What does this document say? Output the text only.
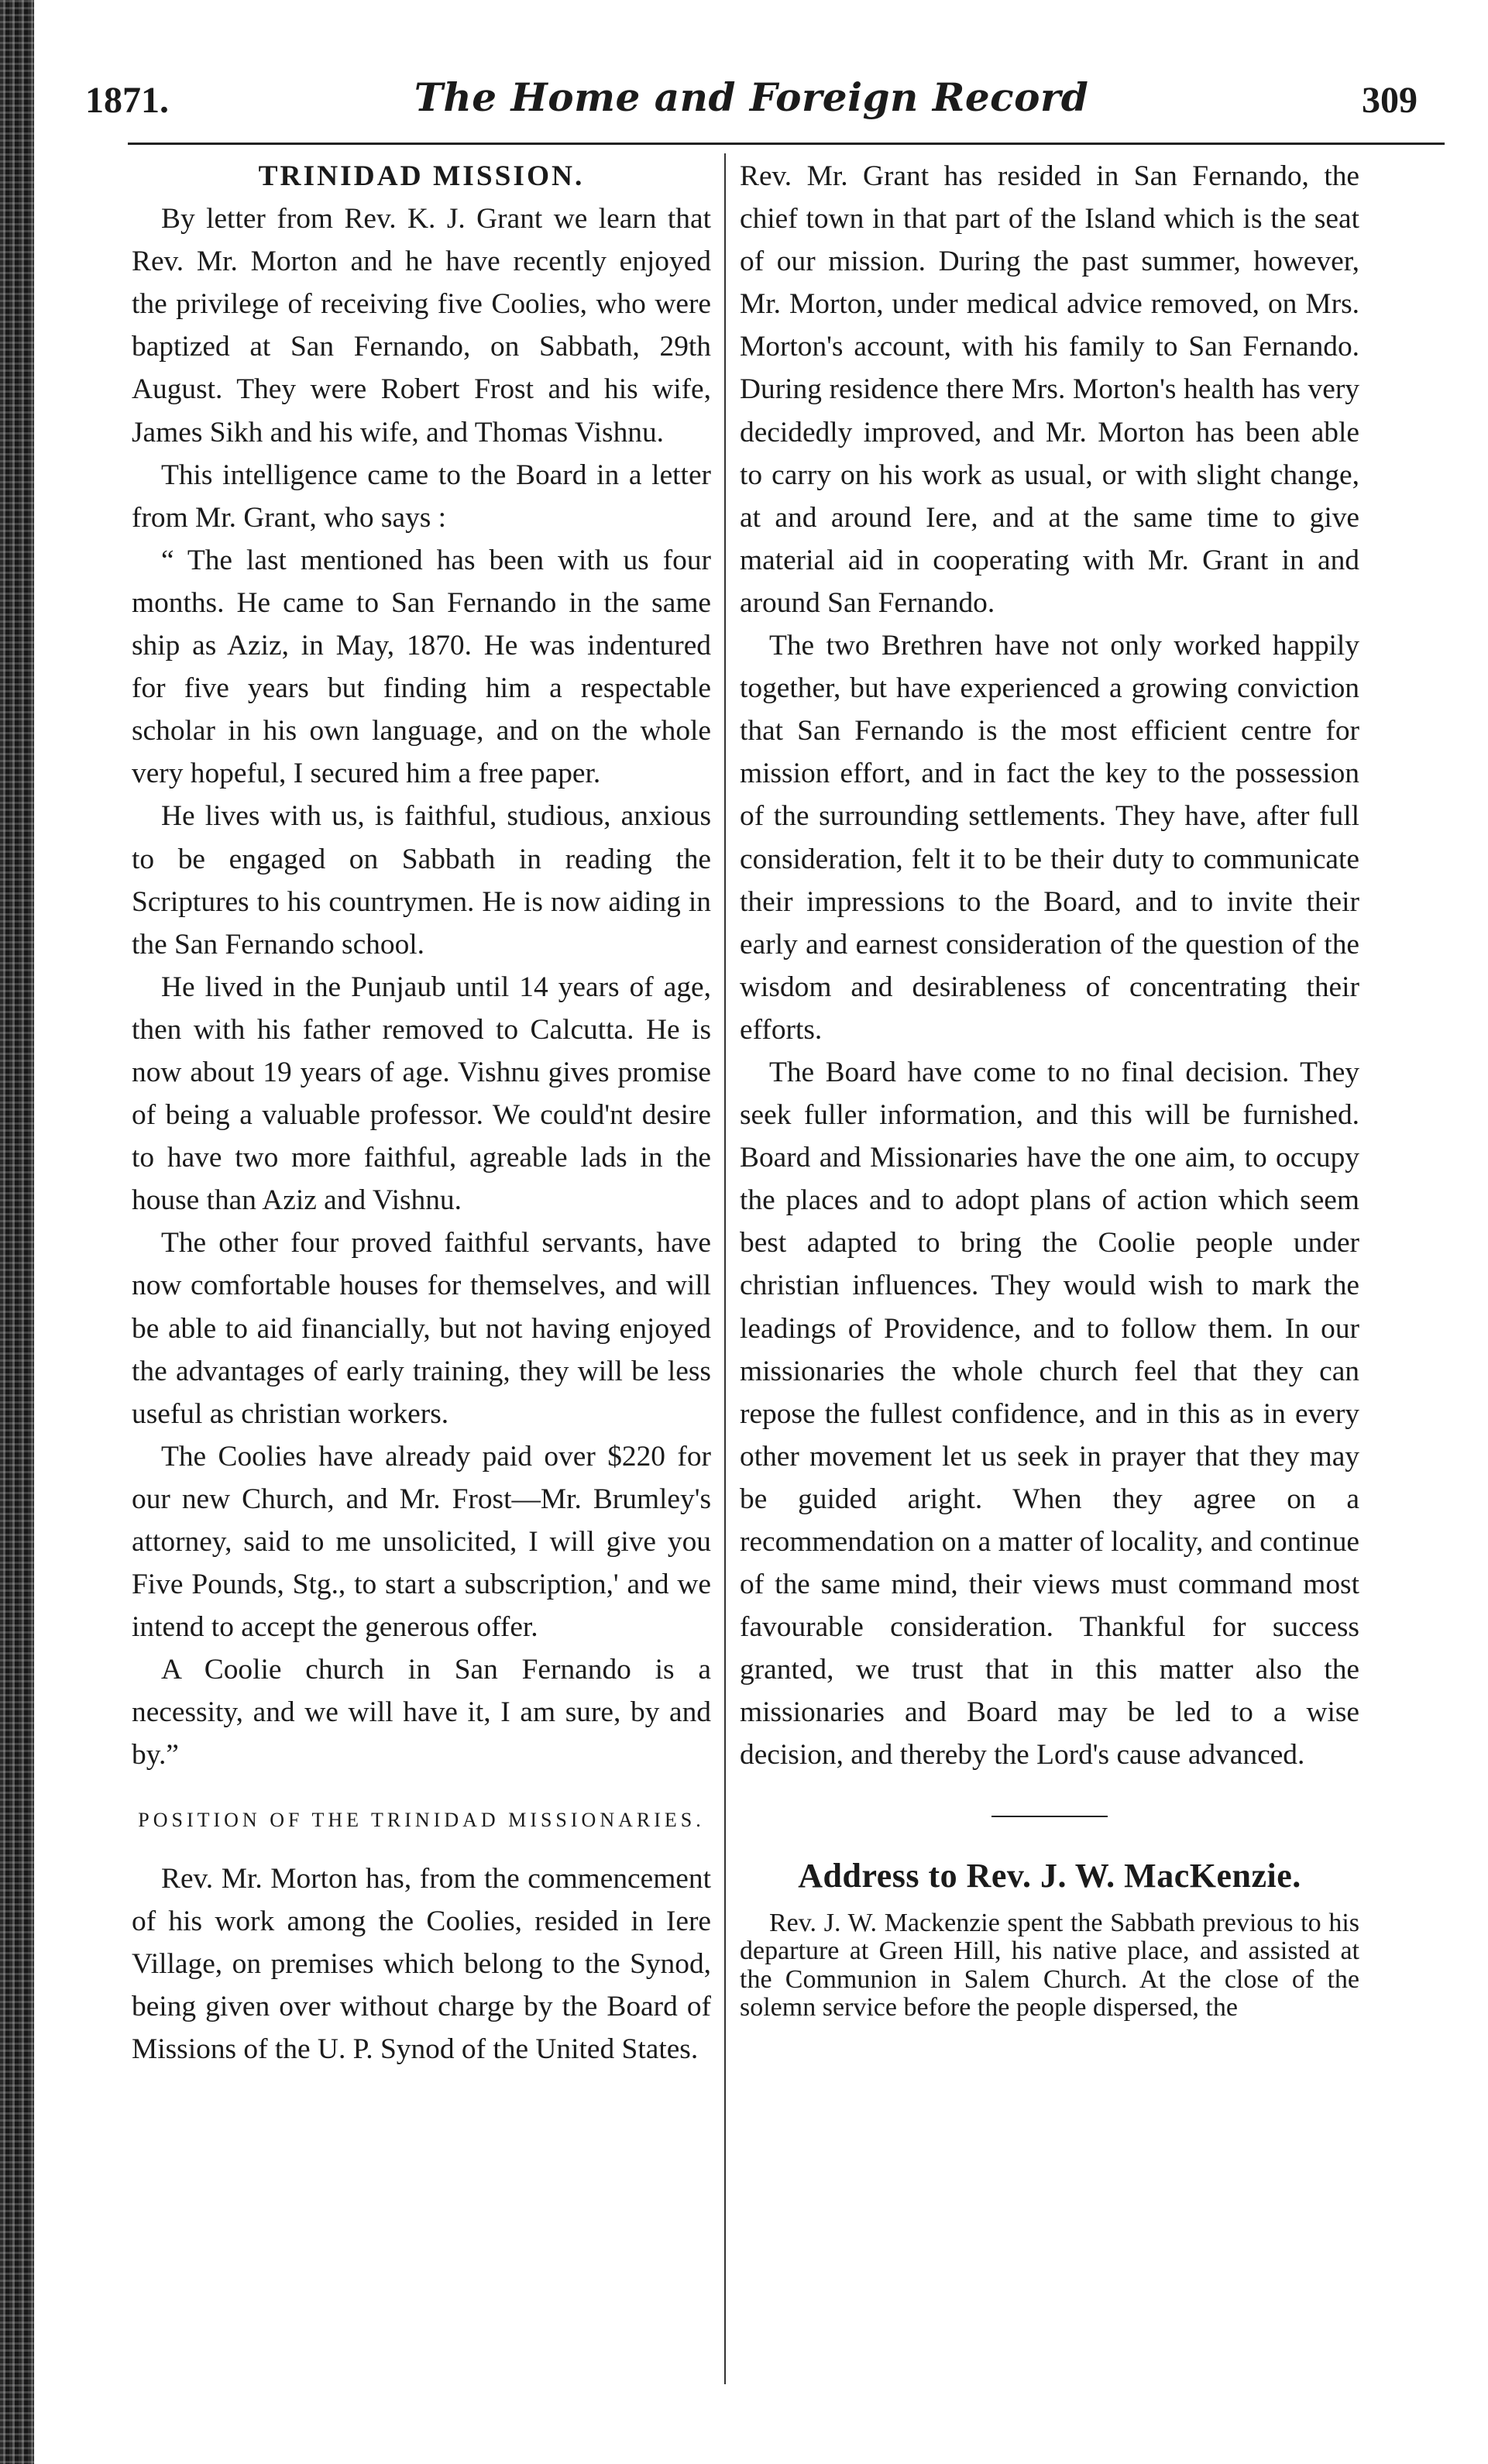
1871.	The Home and Foreign Record	309
TRINIDAD MISSION.

By letter from Rev. K. J. Grant we learn that Rev. Mr. Morton and he have recently enjoyed the privilege of receiving five Coolies, who were baptized at San Fernando, on Sabbath, 29th August. They were Robert Frost and his wife, James Sikh and his wife, and Thomas Vishnu.

This intelligence came to the Board in a letter from Mr. Grant, who says :

“ The last mentioned has been with us four months. He came to San Fernando in the same ship as Aziz, in May, 1870. He was indentured for five years but finding him a respectable scholar in his own language, and on the whole very hopeful, I secured him a free paper.

He lives with us, is faithful, studious, anxious to be engaged on Sabbath in reading the Scriptures to his countrymen. He is now aiding in the San Fernando school.

He lived in the Punjaub until 14 years of age, then with his father removed to Calcutta. He is now about 19 years of age. Vishnu gives promise of being a valuable professor. We could'nt desire to have two more faithful, agreable lads in the house than Aziz and Vishnu.

The other four proved faithful servants, have now comfortable houses for themselves, and will be able to aid financially, but not having enjoyed the advantages of early training, they will be less useful as christian workers.

The Coolies have already paid over $220 for our new Church, and Mr. Frost—Mr. Brumley's attorney, said to me unsolicited, I will give you Five Pounds, Stg., to start a subscription,' and we intend to accept the generous offer.

A Coolie church in San Fernando is a necessity, and we will have it, I am sure, by and by.”

POSITION OF THE TRINIDAD MISSIONARIES.

Rev. Mr. Morton has, from the commencement of his work among the Coolies, resided in Iere Village, on premises which belong to the Synod, being given over without charge by the Board of Missions of the U. P. Synod of the United States.

Rev. Mr. Grant has resided in San Fernando, the chief town in that part of the Island which is the seat of our mission. During the past summer, however, Mr. Morton, under medical advice removed, on Mrs. Morton's account, with his family to San Fernando. During residence there Mrs. Morton's health has very decidedly improved, and Mr. Morton has been able to carry on his work as usual, or with slight change, at and around Iere, and at the same time to give material aid in cooperating with Mr. Grant in and around San Fernando.

The two Brethren have not only worked happily together, but have experienced a growing conviction that San Fernando is the most efficient centre for mission effort, and in fact the key to the possession of the surrounding settlements. They have, after full consideration, felt it to be their duty to communicate their impressions to the Board, and to invite their early and earnest consideration of the question of the wisdom and desirableness of concentrating their efforts.

The Board have come to no final decision. They seek fuller information, and this will be furnished. Board and Missionaries have the one aim, to occupy the places and to adopt plans of action which seem best adapted to bring the Coolie people under christian influences. They would wish to mark the leadings of Providence, and to follow them. In our missionaries the whole church feel that they can repose the fullest confidence, and in this as in every other movement let us seek in prayer that they may be guided aright. When they agree on a recommendation on a matter of locality, and continue of the same mind, their views must command most favourable consideration. Thankful for success granted, we trust that in this matter also the missionaries and Board may be led to a wise decision, and thereby the Lord's cause advanced.

Address to Rev. J. W. MacKenzie.

Rev. J. W. Mackenzie spent the Sabbath previous to his departure at Green Hill, his native place, and assisted at the Communion in Salem Church. At the close of the solemn service before the people dispersed, the
